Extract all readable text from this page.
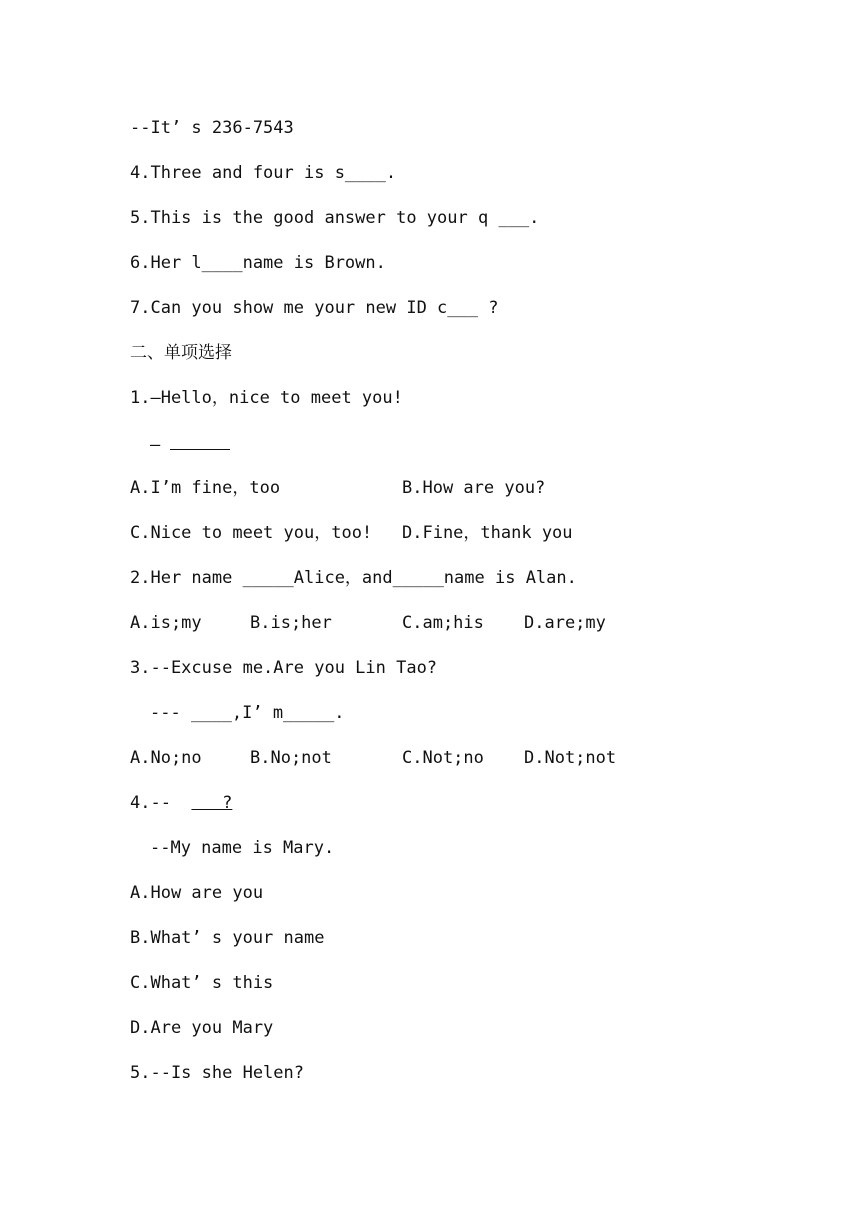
--It’ s 236-7543
4.Three and four is s____.
5.This is the good answer to your q ___.
6.Her l____name is Brown.
7.Can you show me your new ID c___ ?
二、单项选择
1.—Hello，nice to meet you!
—
A.I’m fine，too	B.How are you?
C.Nice to meet you，too! D.Fine，thank you
2.Her name _____Alice，and_____name is Alan.
A.is;my	B.is;her	C.am;his D.are;my
3.--Excuse me.Are you Lin Tao?
--- ____,I’ m_____.
A.No;no	B.No;not	C.Not;no D.Not;not
4.--     ?
--My name is Mary.
A.How are you
B.What’ s your name
C.What’ s this
D.Are you Mary
5.--Is she Helen?
